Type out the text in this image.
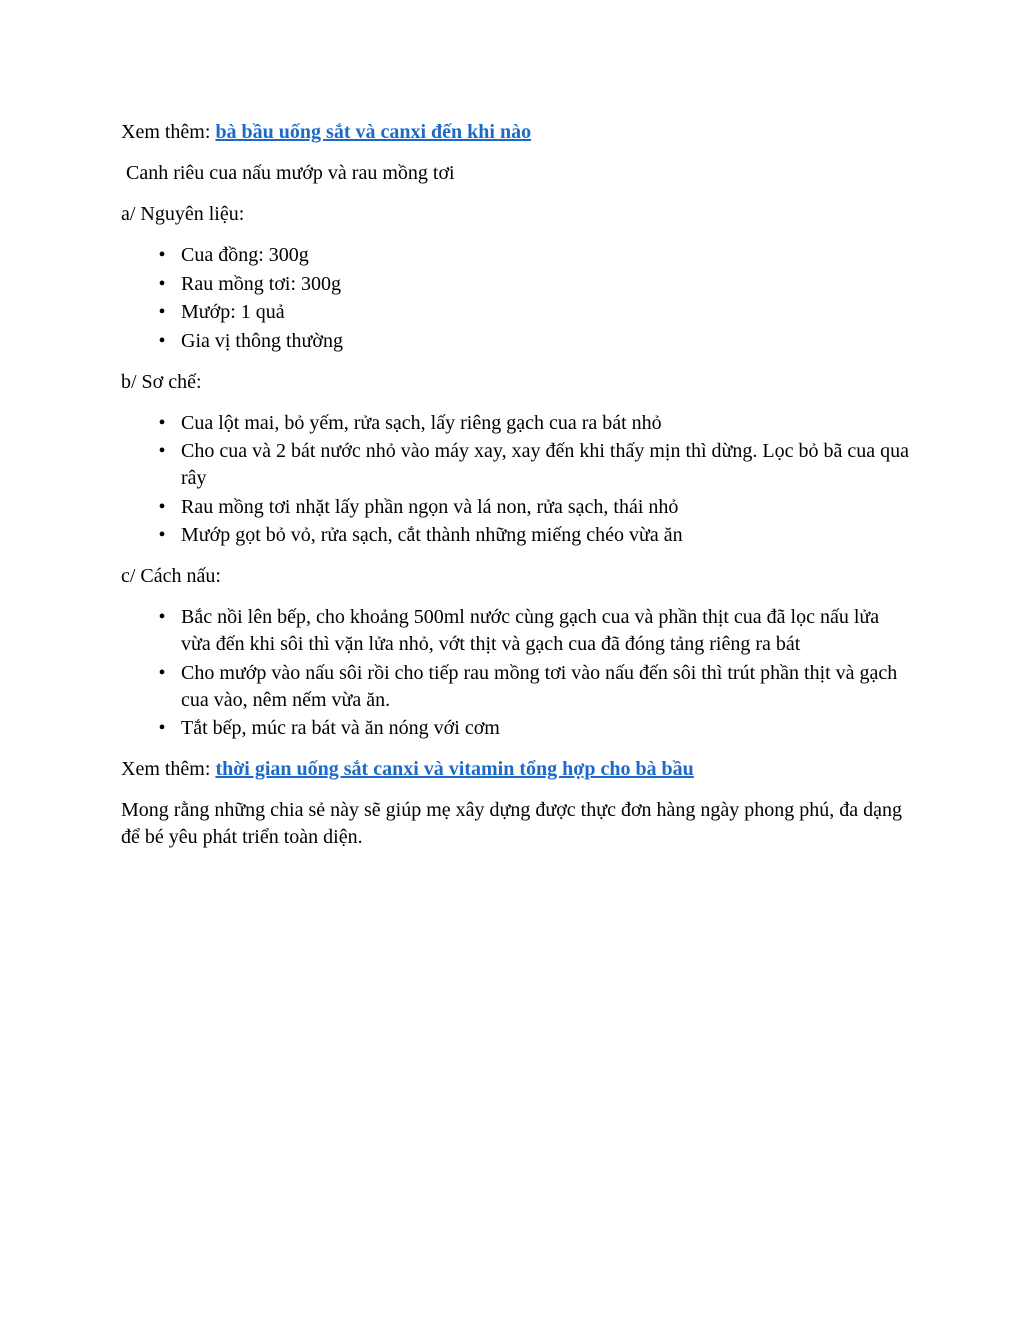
Xem thêm: bà bầu uống sắt và canxi đến khi nào

Canh riêu cua nấu mướp và rau mồng tơi

a/ Nguyên liệu:

• Cua đồng: 300g
• Rau mồng tơi: 300g
• Mướp: 1 quả
• Gia vị thông thường

b/ Sơ chế:

• Cua lột mai, bỏ yếm, rửa sạch, lấy riêng gạch cua ra bát nhỏ
• Cho cua và 2 bát nước nhỏ vào máy xay, xay đến khi thấy mịn thì dừng. Lọc bỏ bã cua qua rây
• Rau mồng tơi nhặt lấy phần ngọn và lá non, rửa sạch, thái nhỏ
• Mướp gọt bỏ vỏ, rửa sạch, cắt thành những miếng chéo vừa ăn

c/ Cách nấu:

• Bắc nồi lên bếp, cho khoảng 500ml nước cùng gạch cua và phần thịt cua đã lọc nấu lửa vừa đến khi sôi thì vặn lửa nhỏ, vớt thịt và gạch cua đã đóng tảng riêng ra bát
• Cho mướp vào nấu sôi rồi cho tiếp rau mồng tơi vào nấu đến sôi thì trút phần thịt và gạch cua vào, nêm nếm vừa ăn.
• Tắt bếp, múc ra bát và ăn nóng với cơm

Xem thêm: thời gian uống sắt canxi và vitamin tổng hợp cho bà bầu

Mong rằng những chia sẻ này sẽ giúp mẹ xây dựng được thực đơn hàng ngày phong phú, đa dạng để bé yêu phát triển toàn diện.
